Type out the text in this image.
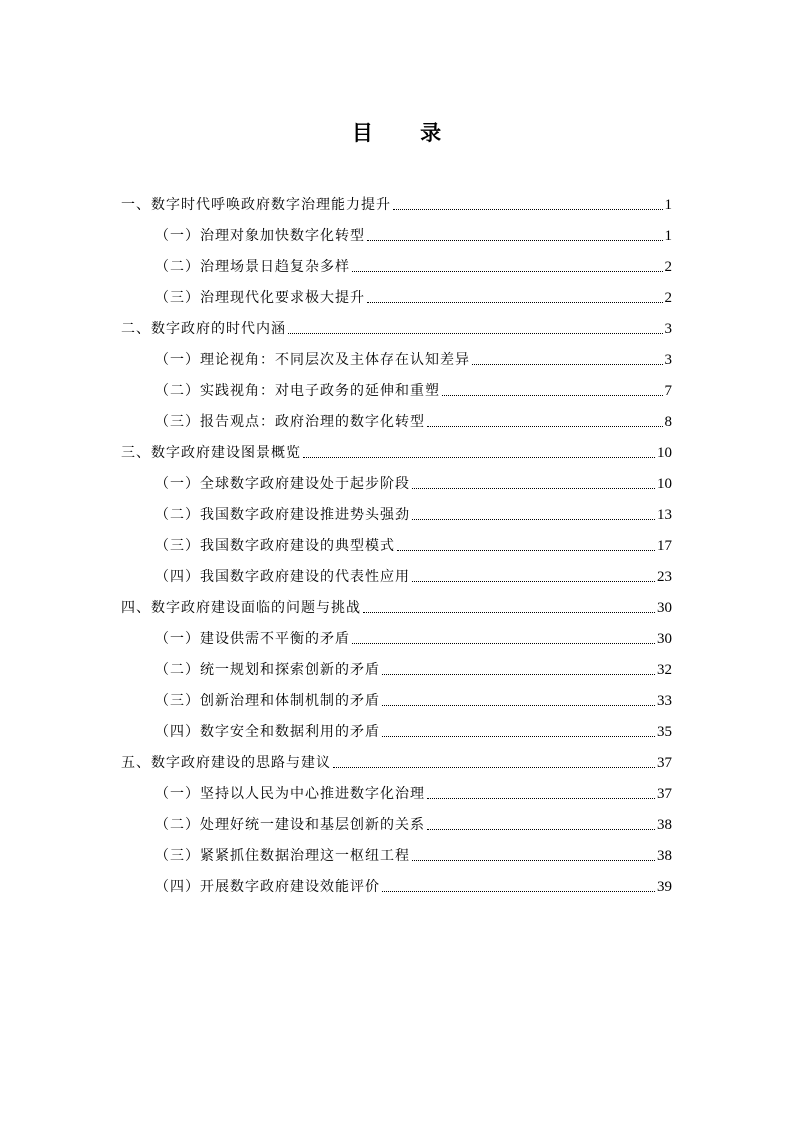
目 录
一、数字时代呼唤政府数字治理能力提升	1
（一）治理对象加快数字化转型	1
（二）治理场景日趋复杂多样	2
（三）治理现代化要求极大提升	2
二、数字政府的时代内涵	3
（一）理论视角：不同层次及主体存在认知差异	3
（二）实践视角：对电子政务的延伸和重塑	7
（三）报告观点：政府治理的数字化转型	8
三、数字政府建设图景概览	10
（一）全球数字政府建设处于起步阶段	10
（二）我国数字政府建设推进势头强劲	13
（三）我国数字政府建设的典型模式	17
（四）我国数字政府建设的代表性应用	23
四、数字政府建设面临的问题与挑战	30
（一）建设供需不平衡的矛盾	30
（二）统一规划和探索创新的矛盾	32
（三）创新治理和体制机制的矛盾	33
（四）数字安全和数据利用的矛盾	35
五、数字政府建设的思路与建议	37
（一）坚持以人民为中心推进数字化治理	37
（二）处理好统一建设和基层创新的关系	38
（三）紧紧抓住数据治理这一枢纽工程	38
（四）开展数字政府建设效能评价	39
